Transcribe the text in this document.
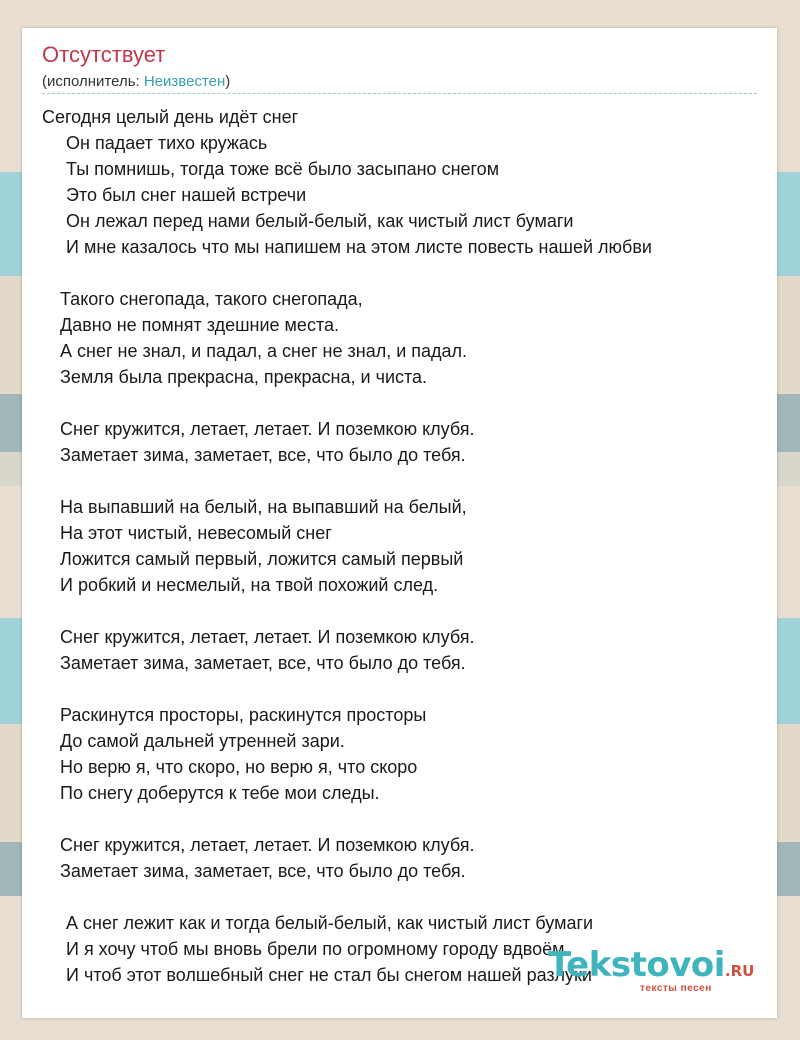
Отсутствует
(исполнитель: Неизвестен)
Сегодня целый день идёт снег
Он падает тихо кружась
Ты помнишь, тогда тоже всё было засыпано снегом
Это был снег нашей встречи
Он лежал перед нами белый-белый, как чистый лист бумаги
И мне казалось что мы напишем на этом листе повесть нашей любви
Такого снегопада, такого снегопада,
Давно не помнят здешние места.
А снег не знал, и падал, а снег не знал, и падал.
Земля была прекрасна, прекрасна, и чиста.
Снег кружится, летает, летает. И поземкою клубя.
Заметает зима, заметает, все, что было до тебя.
На выпавший на белый, на выпавший на белый,
На этот чистый, невесомый снег
Ложится самый первый, ложится самый первый
И робкий и несмелый, на твой похожий след.
Снег кружится, летает, летает. И поземкою клубя.
Заметает зима, заметает, все, что было до тебя.
Раскинутся просторы, раскинутся просторы
До самой дальней утренней зари.
Но верю я, что скоро, но верю я, что скоро
По снегу доберутся к тебе мои следы.
Снег кружится, летает, летает. И поземкою клубя.
Заметает зима, заметает, все, что было до тебя.
А снег лежит как и тогда белый-белый, как чистый лист бумаги
И я хочу чтоб мы вновь брели по огромному городу вдвоём
И чтоб этот волшебный снег не стал бы снегом нашей разлуки
Tekstovoi.RU
тексты песен
